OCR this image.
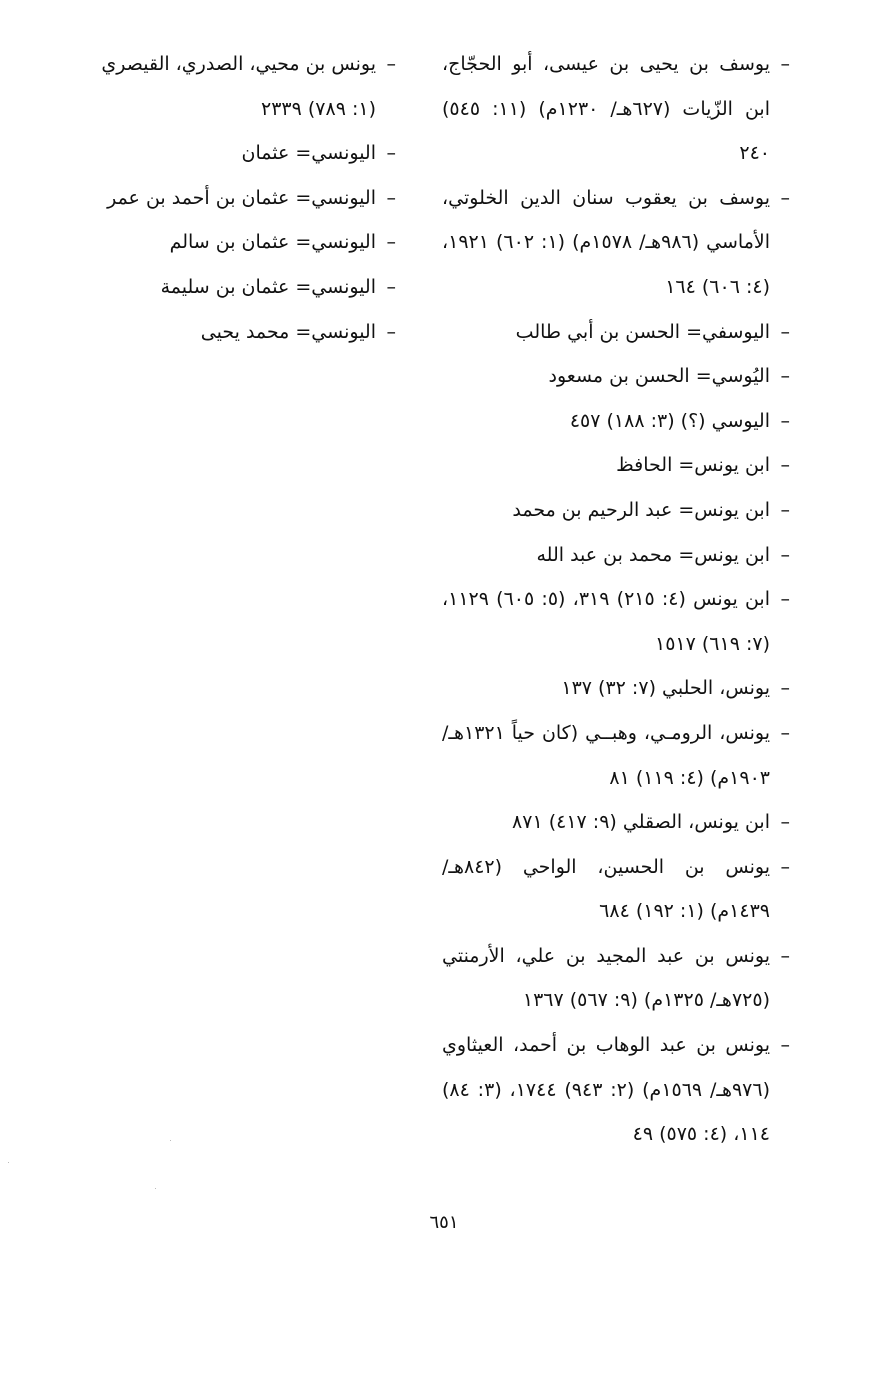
– يوسف بن يحيى بن عيسى، أبو الحجّاج، ابن الزّيات (٦٢٧هـ/ ١٢٣٠م) (١١: ٥٤٥) ٢٤٠
– يوسف بن يعقوب سنان الدين الخلوتي، الأماسي (٩٨٦هـ/ ١٥٧٨م) (١: ٦٠٢) ١٩٢١، (٤: ٦٠٦) ١٦٤
– اليوسفي= الحسن بن أبي طالب
– اليُوسي= الحسن بن مسعود
– اليوسي (؟) (٣: ١٨٨) ٤٥٧
– ابن يونس= الحافظ
– ابن يونس= عبد الرحيم بن محمد
– ابن يونس= محمد بن عبد الله
– ابن يونس (٤: ٢١٥) ٣١٩، (٥: ٦٠٥) ١١٢٩، (٧: ٦١٩) ١٥١٧
– يونس، الحلبي (٧: ٣٢) ١٣٧
– يونس، الرومـي، وهبــي (كان حياً ١٣٢١هـ/ ١٩٠٣م) (٤: ١١٩) ٨١
– ابن يونس، الصقلي (٩: ٤١٧) ٨٧١
– يونس بن الحسين، الواحي (٨٤٢هـ/ ١٤٣٩م) (١: ١٩٢) ٦٨٤
– يونس بن عبد المجيد بن علي، الأرمنتي (٧٢٥هـ/ ١٣٢٥م) (٩: ٥٦٧) ١٣٦٧
– يونس بن عبد الوهاب بن أحمد، العيثاوي (٩٧٦هـ/ ١٥٦٩م) (٢: ٩٤٣) ١٧٤٤، (٣: ٨٤) ١١٤، (٤: ٥٧٥) ٤٩
– يونس بن محيي، الصدري، القيصري (١: ٧٨٩) ٢٣٣٩
– اليونسي= عثمان
– اليونسي= عثمان بن أحمد بن عمر
– اليونسي= عثمان بن سالم
– اليونسي= عثمان بن سليمة
– اليونسي= محمد يحيى
٦٥١
